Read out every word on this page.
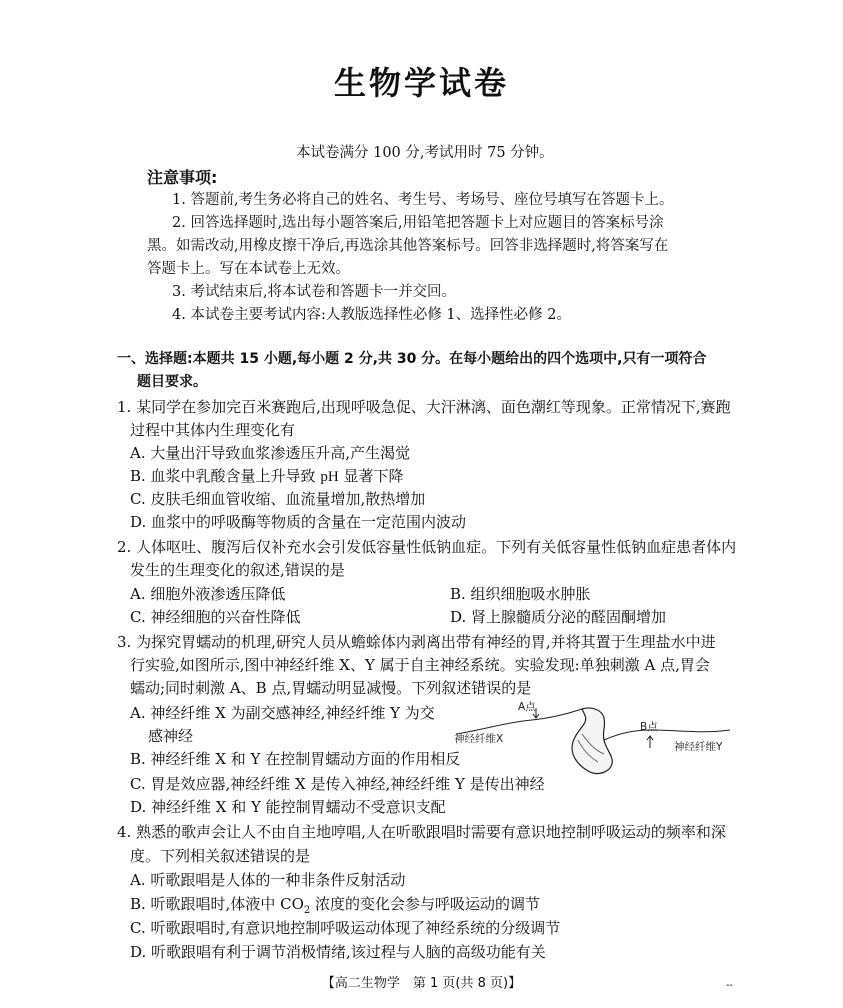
生物学试卷
本试卷满分 100 分,考试用时 75 分钟。
注意事项:
1. 答题前,考生务必将自己的姓名、考生号、考场号、座位号填写在答题卡上。
2. 回答选择题时,选出每小题答案后,用铅笔把答题卡上对应题目的答案标号涂
黑。如需改动,用橡皮擦干净后,再选涂其他答案标号。回答非选择题时,将答案写在
答题卡上。写在本试卷上无效。
3. 考试结束后,将本试卷和答题卡一并交回。
4. 本试卷主要考试内容:人教版选择性必修 1、选择性必修 2。
一、选择题:本题共 15 小题,每小题 2 分,共 30 分。在每小题给出的四个选项中,只有一项符合
题目要求。
1. 某同学在参加完百米赛跑后,出现呼吸急促、大汗淋漓、面色潮红等现象。正常情况下,赛跑
过程中其体内生理变化有
A. 大量出汗导致血浆渗透压升高,产生渴觉
B. 血浆中乳酸含量上升导致 pH 显著下降
C. 皮肤毛细血管收缩、血流量增加,散热增加
D. 血浆中的呼吸酶等物质的含量在一定范围内波动
2. 人体呕吐、腹泻后仅补充水会引发低容量性低钠血症。下列有关低容量性低钠血症患者体内
发生的生理变化的叙述,错误的是
A. 细胞外液渗透压降低	B. 组织细胞吸水肿胀
C. 神经细胞的兴奋性降低	D. 肾上腺髓质分泌的醛固酮增加
3. 为探究胃蠕动的机理,研究人员从蟾蜍体内剥离出带有神经的胃,并将其置于生理盐水中进
行实验,如图所示,图中神经纤维 X、Y 属于自主神经系统。实验发现:单独刺激 A 点,胃会
蠕动;同时刺激 A、B 点,胃蠕动明显减慢。下列叙述错误的是
A. 神经纤维 X 为副交感神经,神经纤维 Y 为交
感神经
B. 神经纤维 X 和 Y 在控制胃蠕动方面的作用相反
C. 胃是效应器,神经纤维 X 是传入神经,神经纤维 Y 是传出神经
D. 神经纤维 X 和 Y 能控制胃蠕动不受意识支配
A点
B点
神经纤维X
神经纤维Y
4. 熟悉的歌声会让人不由自主地哼唱,人在听歌跟唱时需要有意识地控制呼吸运动的频率和深
度。下列相关叙述错误的是
A. 听歌跟唱是人体的一种非条件反射活动
B. 听歌跟唱时,体液中 $CO_2$ 浓度的变化会参与呼吸运动的调节
C. 听歌跟唱时,有意识地控制呼吸运动体现了神经系统的分级调节
D. 听歌跟唱有利于调节消极情绪,该过程与人脑的高级功能有关
【高二生物学　第 1 页(共 8 页)】	--
